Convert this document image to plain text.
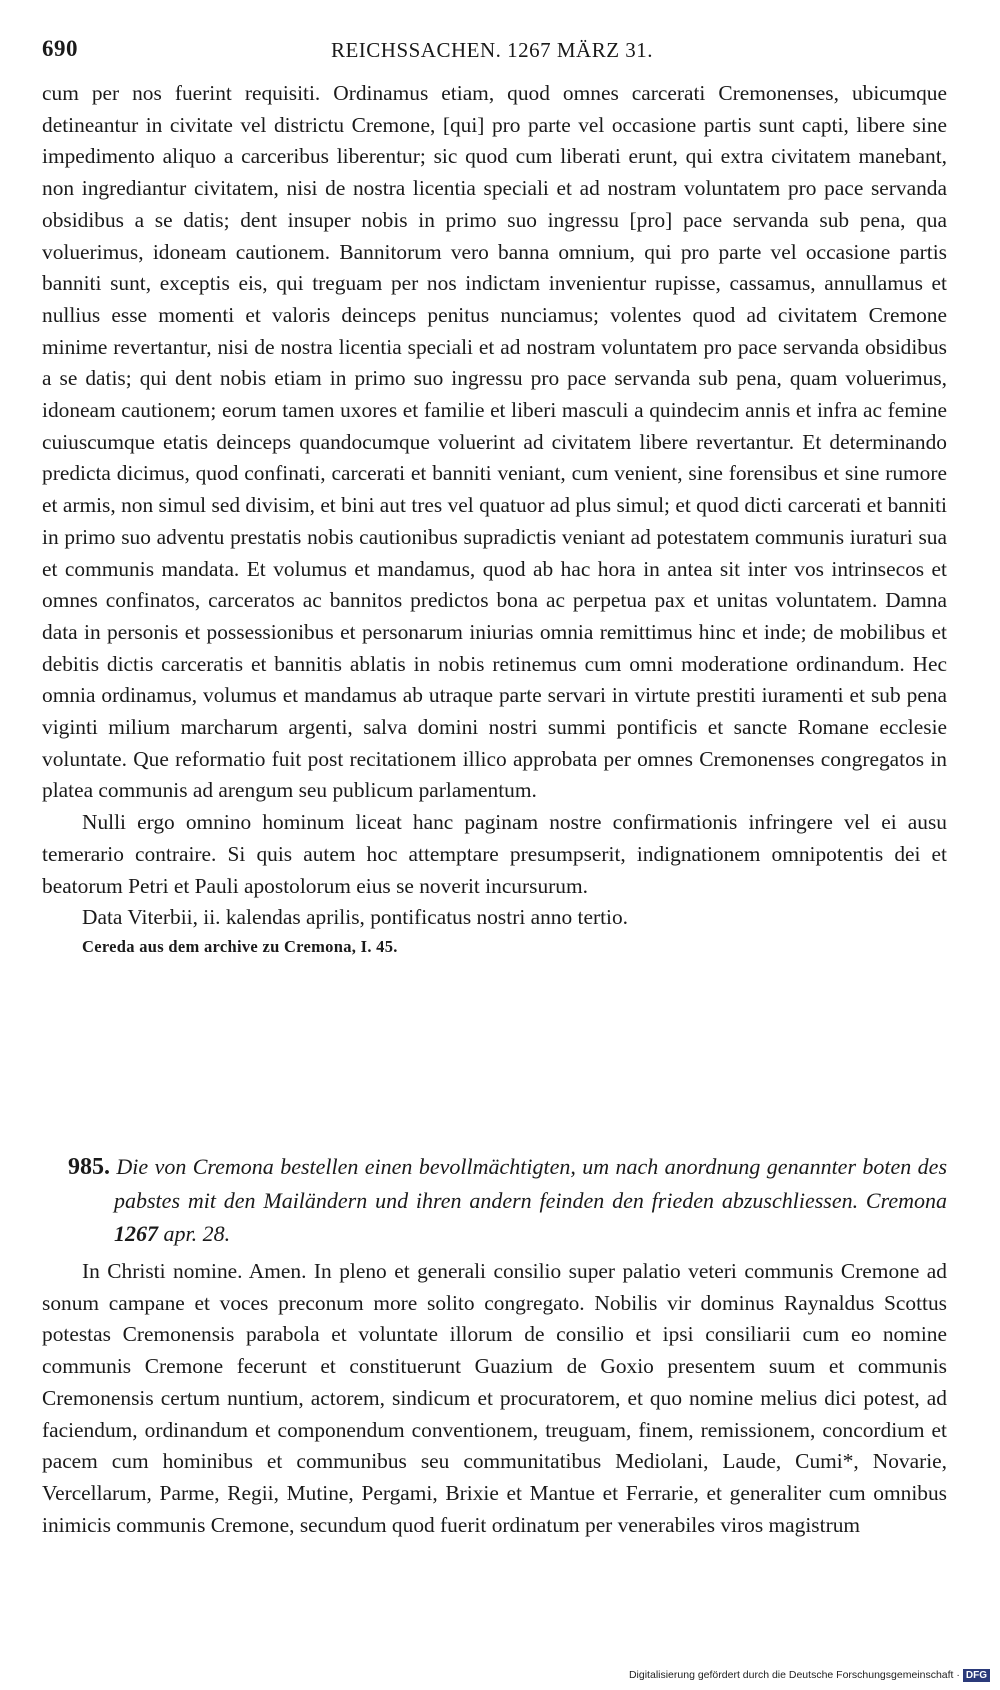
690	REICHSSACHEN. 1267 MÄRZ 31.

cum per nos fuerint requisiti. Ordinamus etiam, quod omnes carcerati Cremonenses, ubicumque detineantur in civitate vel districtu Cremone, [qui] pro parte vel occasione partis sunt capti, libere sine impedimento aliquo a carceribus liberentur; sic quod cum liberati erunt, qui extra civitatem manebant, non ingrediantur civitatem, nisi de nostra licentia speciali et ad nostram voluntatem pro pace servanda obsidibus a se datis; dent insuper nobis in primo suo ingressu [pro] pace servanda sub pena, qua voluerimus, idoneam cautionem. Bannitorum vero banna omnium, qui pro parte vel occasione partis banniti sunt, exceptis eis, qui treguam per nos indictam invenientur rupisse, cassamus, annullamus et nullius esse momenti et valoris deinceps penitus nunciamus; volentes quod ad civitatem Cremone minime revertantur, nisi de nostra licentia speciali et ad nostram voluntatem pro pace servanda obsidibus a se datis; qui dent nobis etiam in primo suo ingressu pro pace servanda sub pena, quam voluerimus, idoneam cautionem; eorum tamen uxores et familie et liberi masculi a quindecim annis et infra ac femine cuiuscumque etatis deinceps quandocumque voluerint ad civitatem libere revertantur. Et determinando predicta dicimus, quod confinati, carcerati et banniti veniant, cum venient, sine forensibus et sine rumore et armis, non simul sed divisim, et bini aut tres vel quatuor ad plus simul; et quod dicti carcerati et banniti in primo suo adventu prestatis nobis cautionibus supradictis veniant ad potestatem communis iuraturi sua et communis mandata. Et volumus et mandamus, quod ab hac hora in antea sit inter vos intrinsecos et omnes confinatos, carceratos ac bannitos predictos bona ac perpetua pax et unitas voluntatem. Damna data in personis et possessionibus et personarum iniurias omnia remittimus hinc et inde; de mobilibus et debitis dictis carceratis et bannitis ablatis in nobis retinemus cum omni moderatione ordinandum. Hec omnia ordinamus, volumus et mandamus ab utraque parte servari in virtute prestiti iuramenti et sub pena viginti milium marcharum argenti, salva domini nostri summi pontificis et sancte Romane ecclesie voluntate. Que reformatio fuit post recitationem illico approbata per omnes Cremonenses congregatos in platea communis ad arengum seu publicum parlamentum.

Nulli ergo omnino hominum liceat hanc paginam nostre confirmationis infringere vel ei ausu temerario contraire. Si quis autem hoc attemptare presumpserit, indignationem omnipotentis dei et beatorum Petri et Pauli apostolorum eius se noverit incursurum.

Data Viterbii, ii. kalendas aprilis, pontificatus nostri anno tertio.

Cereda aus dem archive zu Cremona, I. 45.

985. Die von Cremona bestellen einen bevollmächtigten, um nach anordnung genannter boten des pabstes mit den Mailändern und ihren andern feinden den frieden abzuschliessen. Cremona 1267 apr. 28.

In Christi nomine. Amen. In pleno et generali consilio super palatio veteri communis Cremone ad sonum campane et voces preconum more solito congregato. Nobilis vir dominus Raynaldus Scottus potestas Cremonensis parabola et voluntate illorum de consilio et ipsi consiliarii cum eo nomine communis Cremone fecerunt et constituerunt Guazium de Goxio presentem suum et communis Cremonensis certum nuntium, actorem, sindicum et procuratorem, et quo nomine melius dici potest, ad faciendum, ordinandum et componendum conventionem, treuguam, finem, remissionem, concordium et pacem cum hominibus et communibus seu communitatibus Mediolani, Laude, Cumi*, Novarie, Vercellarum, Parme, Regii, Mutine, Pergami, Brixie et Mantue et Ferrarie, et generaliter cum omnibus inimicis communis Cremone, secundum quod fuerit ordinatum per venerabiles viros magistrum

Digitalisierung gefördert durch die Deutsche Forschungsgemeinschaft · DFG
